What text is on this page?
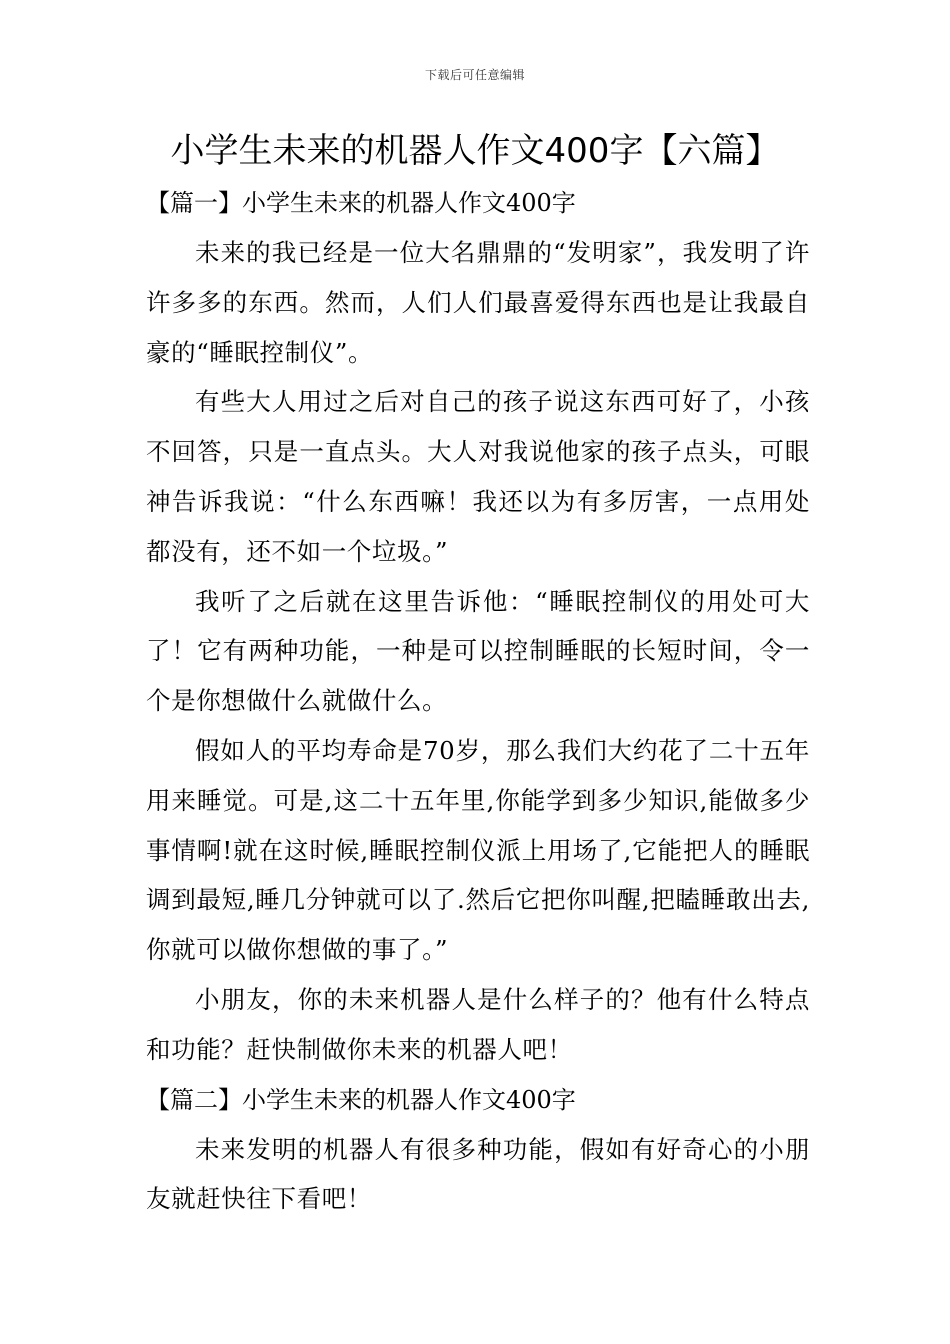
下载后可任意编辑
小学生未来的机器人作文400字【六篇】
【篇一】小学生未来的机器人作文400字

未来的我已经是一位大名鼎鼎的“发明家”，我发明了许许多多的东西。然而，人们人们最喜爱得东西也是让我最自豪的“睡眠控制仪”。

有些大人用过之后对自己的孩子说这东西可好了，小孩不回答，只是一直点头。大人对我说他家的孩子点头，可眼神告诉我说：“什么东西嘛！我还以为有多厉害，一点用处都没有，还不如一个垃圾。”

我听了之后就在这里告诉他：“睡眠控制仪的用处可大了！它有两种功能，一种是可以控制睡眠的长短时间，令一个是你想做什么就做什么。

假如人的平均寿命是70岁，那么我们大约花了二十五年用来睡觉。可是,这二十五年里,你能学到多少知识,能做多少事情啊!就在这时候,睡眠控制仪派上用场了,它能把人的睡眠调到最短,睡几分钟就可以了.然后它把你叫醒,把瞌睡敢出去,你就可以做你想做的事了。”

小朋友，你的未来机器人是什么样子的？他有什么特点和功能？赶快制做你未来的机器人吧！

【篇二】小学生未来的机器人作文400字

未来发明的机器人有很多种功能，假如有好奇心的小朋友就赶快往下看吧！
